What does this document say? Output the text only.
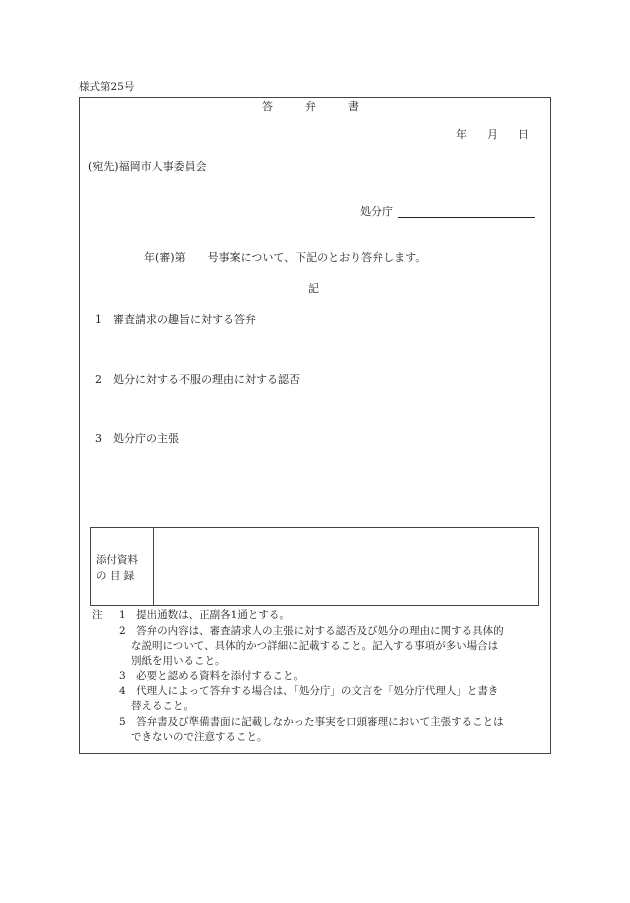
様式第25号
答	弁	書
年 月 日
(宛先)福岡市人事委員会
処分庁
年(審)第　　号事案について、下記のとおり答弁します。
記
1 審査請求の趣旨に対する答弁
2 処分に対する不服の理由に対する認否
3 処分庁の主張
添付資料
の 目 録
注 1　提出通数は、正副各1通とする。
2　答弁の内容は、審査請求人の主張に対する認否及び処分の理由に関する具体的
な説明について、具体的かつ詳細に記載すること。記入する事項が多い場合は
別紙を用いること。
3　必要と認める資料を添付すること。
4　代理人によって答弁する場合は、「処分庁」の文言を「処分庁代理人」と書き
替えること。
5　答弁書及び準備書面に記載しなかった事実を口頭審理において主張することは
できないので注意すること。
